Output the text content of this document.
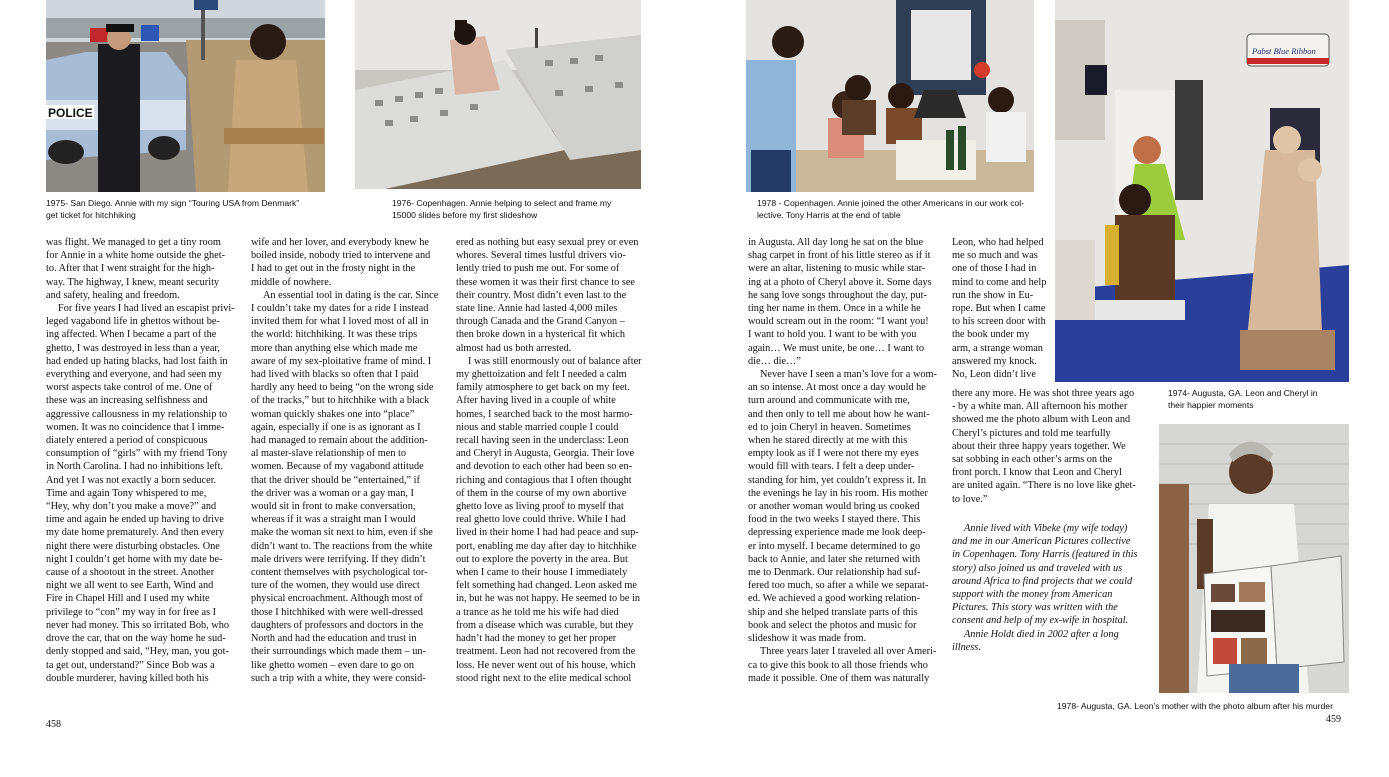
POLICE
Pabst Blue Ribbon
1975- San Diego. Annie with my sign “Touring USA from Denmark”
get ticket for hitchhiking
1976- Copenhagen. Annie helping to select and frame my
15000 slides before my first slideshow
1978 - Copenhagen. Annie joined the other Americans in our work col-
lective. Tony Harris at the end of table
1974- Augusta, GA. Leon and Cheryl in
their happier moments
1978- Augusta, GA. Leon’s mother with the photo album after his murder

was flight. We managed to get a tiny room

for Annie in a white home outside the ghet-

to. After that I went straight for the high-

way. The highway, I knew, meant security

and safety, healing and freedom.

For five years I had lived an escapist privi-

leged vagabond life in ghettos without be-

ing affected. When I became a part of the

ghetto, I was destroyed in less than a year,

had ended up hating blacks, had lost faith in

everything and everyone, and had seen my

worst aspects take control of me. One of

these was an increasing selfishness and

aggressive callousness in my relationship to

women. It was no coincidence that I imme-

diately entered a period of conspicuous

consumption of “girls” with my friend Tony

in North Carolina. I had no inhibitions left.

And yet I was not exactly a born seducer.

Time and again Tony whispered to me,

“Hey, why don’t you make a move?” and

time and again he ended up having to drive

my date home prematurely. And then every

night there were disturbing obstacles. One

night I couldn’t get home with my date be-

cause of a shootout in the street. Another

night we all went to see Earth, Wind and

Fire in Chapel Hill and I used my white

privilege to “con” my way in for free as I

never had money. This so irritated Bob, who

drove the car, that on the way home he sud-

denly stopped and said, “Hey, man, you got-

ta get out, understand?” Since Bob was a

double murderer, having killed both his

wife and her lover, and everybody knew he

boiled inside, nobody tried to intervene and

I had to get out in the frosty night in the

middle of nowhere.

An essential tool in dating is the car. Since

I couldn’t take my dates for a ride I instead

invited them for what I loved most of all in

the world: hitchhiking. It was these trips

more than anything else which made me

aware of my sex-ploitative frame of mind. I

had lived with blacks so often that I paid

hardly any heed to being “on the wrong side

of the tracks,” but to hitchhike with a black

woman quickly shakes one into “place”

again, especially if one is as ignorant as I

had managed to remain about the addition-

al master-slave relationship of men to

women. Because of my vagabond attitude

that the driver should be “entertained,” if

the driver was a woman or a gay man, I

would sit in front to make conversation,

whereas if it was a straight man I would

make the woman sit next to him, even if she

didn’t want to. The reactions from the white

male drivers were terrifying. If they didn’t

content themselves with psychological tor-

ture of the women, they would use direct

physical encroachment. Although most of

those I hitchhiked with were well-dressed

daughters of professors and doctors in the

North and had the education and trust in

their surroundings which made them – un-

like ghetto women – even dare to go on

such a trip with a white, they were consid-

ered as nothing but easy sexual prey or even

whores. Several times lustful drivers vio-

lently tried to push me out. For some of

these women it was their first chance to see

their country. Most didn’t even last to the

state line. Annie had lasted 4,000 miles

through Canada and the Grand Canyon –

then broke down in a hysterical fit which

almost had us both arrested.

I was still enormously out of balance after

my ghettoization and felt I needed a calm

family atmosphere to get back on my feet.

After having lived in a couple of white

homes, I searched back to the most harmo-

nious and stable married couple I could

recall having seen in the underclass: Leon

and Cheryl in Augusta, Georgia. Their love

and devotion to each other had been so en-

riching and contagious that I often thought

of them in the course of my own abortive

ghetto love as living proof to myself that

real ghetto love could thrive. While I had

lived in their home I had had peace and sup-

port, enabling me day after day to hitchhike

out to explore the poverty in the area. But

when I came to their house I immediately

felt something had changed. Leon asked me

in, but he was not happy. He seemed to be in

a trance as he told me his wife had died

from a disease which was curable, but they

hadn’t had the money to get her proper

treatment. Leon had not recovered from the

loss. He never went out of his house, which

stood right next to the elite medical school

in Augusta. All day long he sat on the blue

shag carpet in front of his little stereo as if it

were an altar, listening to music while star-

ing at a photo of Cheryl above it. Some days

he sang love songs throughout the day, put-

ting her name in them. Once in a while he

would scream out in the room: “I want you!

I want to hold you. I want to be with you

again… We must unite, be one… I want to

die… die…”

Never have I seen a man’s love for a wom-

an so intense. At most once a day would he

turn around and communicate with me,

and then only to tell me about how he want-

ed to join Cheryl in heaven. Sometimes

when he stared directly at me with this

empty look as if I were not there my eyes

would fill with tears. I felt a deep under-

standing for him, yet couldn’t express it. In

the evenings he lay in his room. His mother

or another woman would bring us cooked

food in the two weeks I stayed there. This

depressing experience made me look deep-

er into myself. I became determined to go

back to Annie, and later she returned with

me to Denmark. Our relationship had suf-

fered too much, so after a while we separat-

ed. We achieved a good working relation-

ship and she helped translate parts of this

book and select the photos and music for

slideshow it was made from.

Three years later I traveled all over Ameri-

ca to give this book to all those friends who

made it possible. One of them was naturally

Leon, who had helped

me so much and was

one of those I had in

mind to come and help

run the show in Eu-

rope. But when I came

to his screen door with

the book under my

arm, a strange woman

answered my knock.

No, Leon didn’t live

there any more. He was shot three years ago

- by a white man. All afternoon his mother

showed me the photo album with Leon and

Cheryl’s pictures and told me tearfully

about their three happy years together. We

sat sobbing in each other’s arms on the

front porch. I know that Leon and Cheryl

are united again. “There is no love like ghet-

to love.”

Annie lived with Vibeke (my wife today)

and me in our American Pictures collective

in Copenhagen. Tony Harris (featured in this

story) also joined us and traveled with us

around Africa to find projects that we could

support with the money from American

Pictures. This story was written with the

consent and help of my ex-wife in hospital.

Annie Holdt died in 2002 after a long

illness.

458	459
